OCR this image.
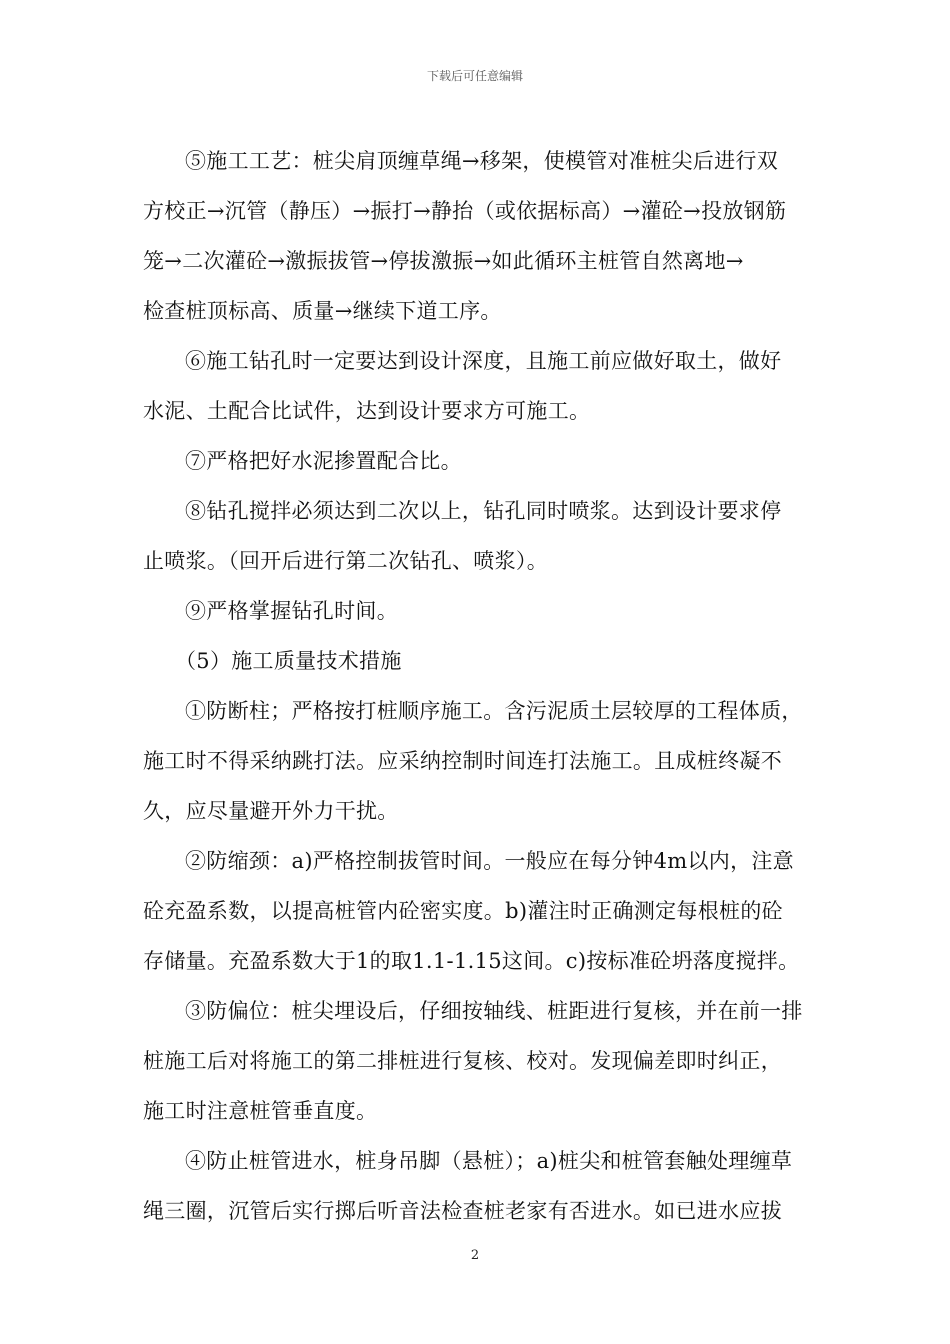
下载后可任意编辑
⑤施工工艺：桩尖肩顶缠草绳→移架，使模管对准桩尖后进行双
方校正→沉管（静压）→振打→静抬（或依据标高）→灌砼→投放钢筋
笼→二次灌砼→激振拔管→停拔激振→如此循环主桩管自然离地→
检查桩顶标高、质量→继续下道工序。
⑥施工钻孔时一定要达到设计深度，且施工前应做好取土，做好
水泥、土配合比试件，达到设计要求方可施工。
⑦严格把好水泥掺置配合比。
⑧钻孔搅拌必须达到二次以上，钻孔同时喷浆。达到设计要求停
止喷浆。（回开后进行第二次钻孔、喷浆）。
⑨严格掌握钻孔时间。
（5）施工质量技术措施
①防断柱；严格按打桩顺序施工。含污泥质土层较厚的工程体质，
施工时不得采纳跳打法。应采纳控制时间连打法施工。且成桩终凝不
久，应尽量避开外力干扰。
②防缩颈：a)严格控制拔管时间。一般应在每分钟4m以内，注意
砼充盈系数，以提高桩管内砼密实度。b)灌注时正确测定每根桩的砼
存储量。充盈系数大于1的取1.1-1.15这间。c)按标准砼坍落度搅拌。
③防偏位：桩尖埋设后，仔细按轴线、桩距进行复核，并在前一排
桩施工后对将施工的第二排桩进行复核、校对。发现偏差即时纠正，
施工时注意桩管垂直度。
④防止桩管进水，桩身吊脚（悬桩）；a)桩尖和桩管套触处理缠草
绳三圈，沉管后实行掷后听音法检查桩老家有否进水。如已进水应拔
2
